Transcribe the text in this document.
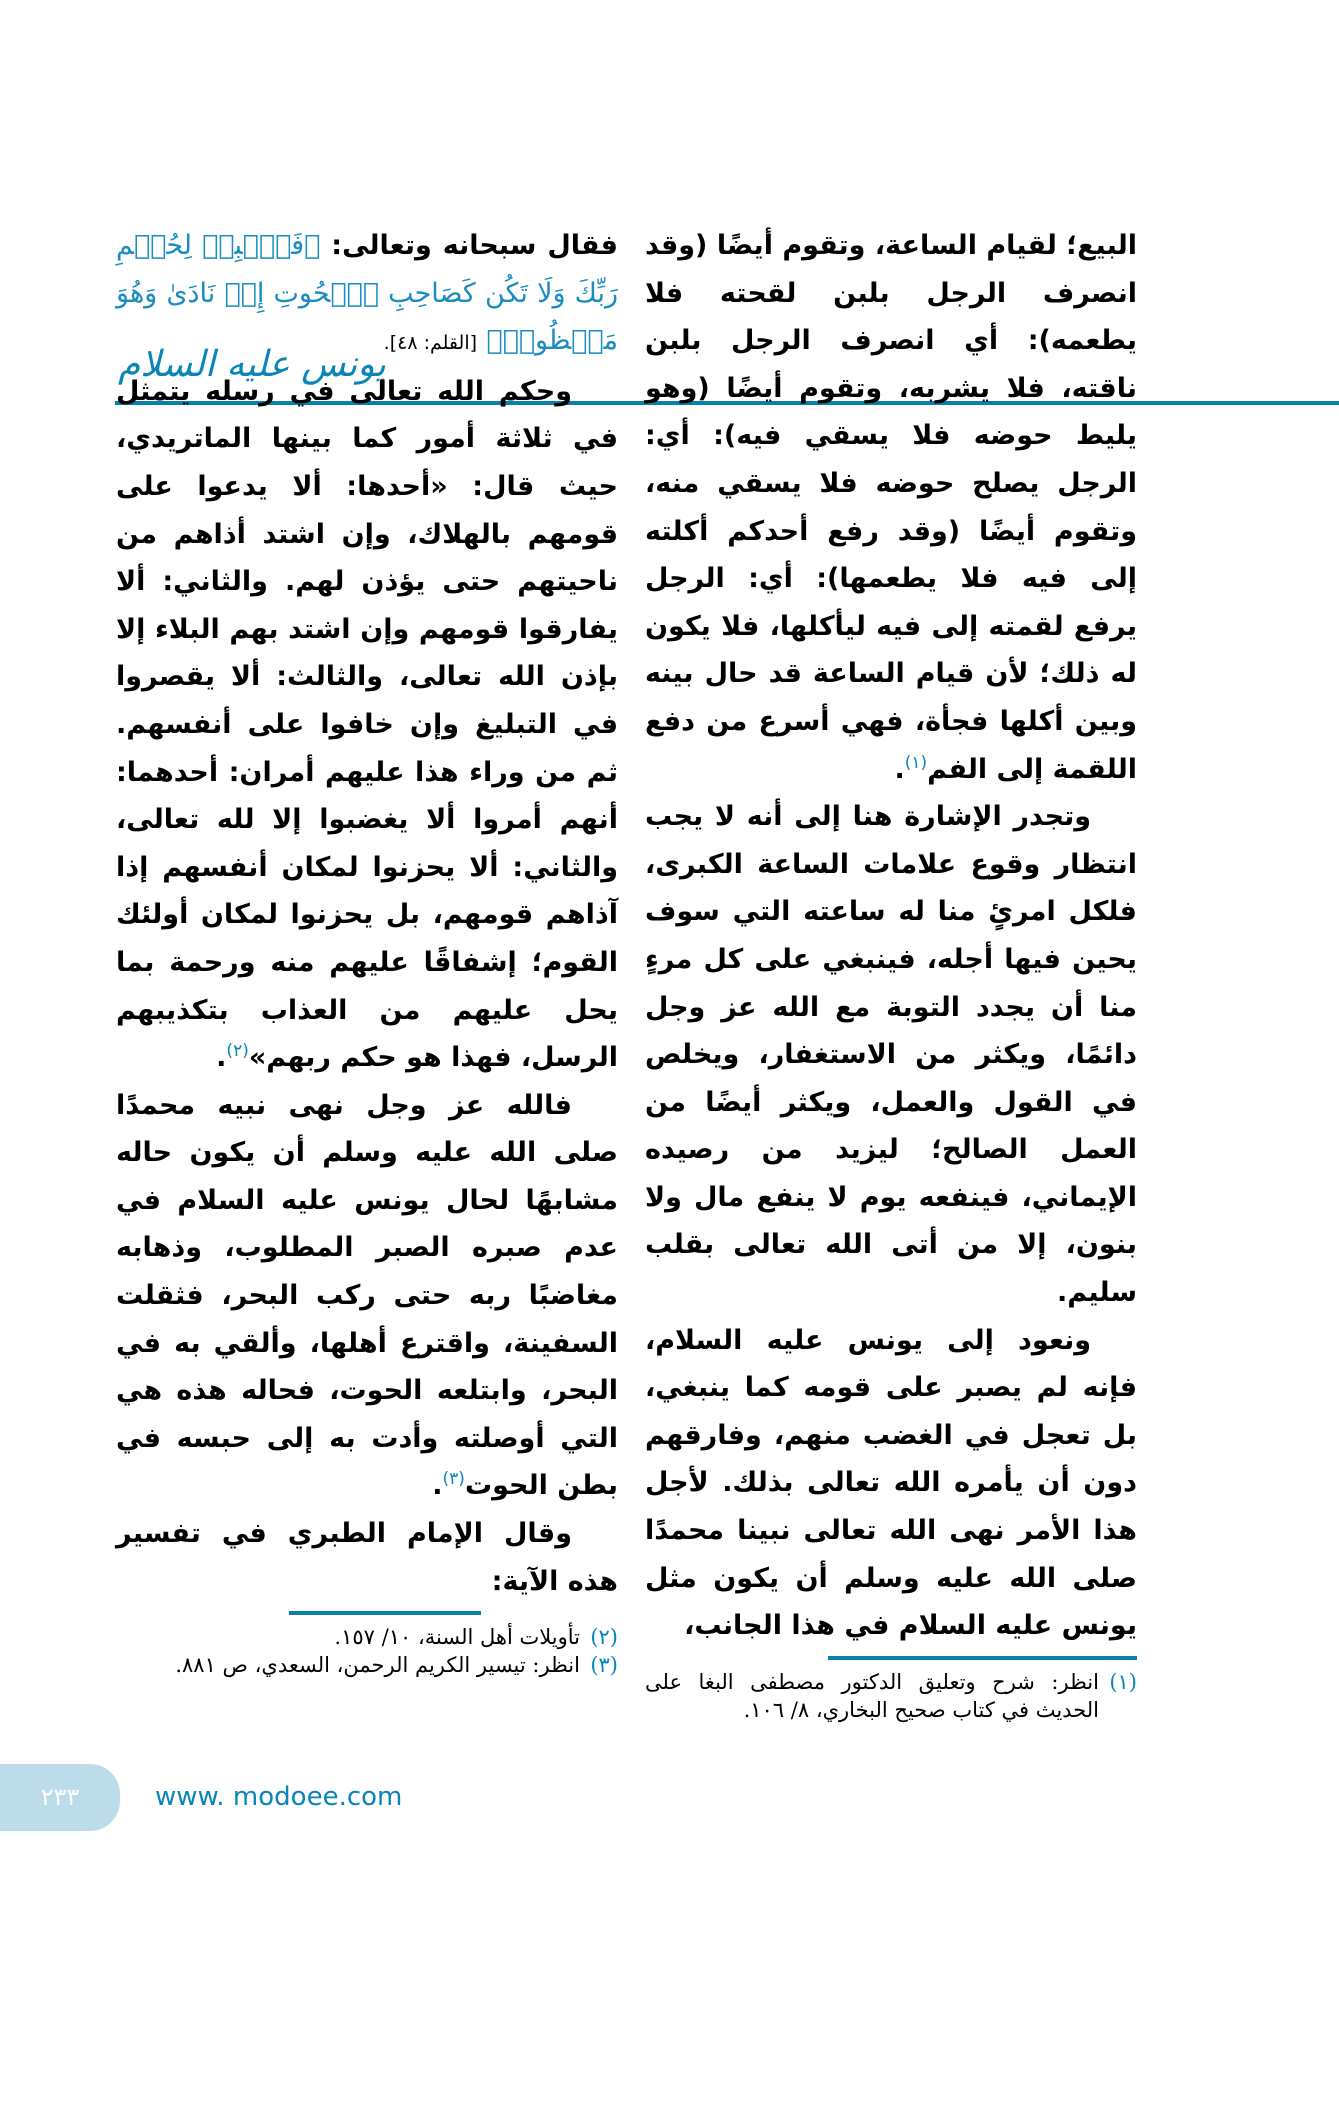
يونس عليه السلام

البيع؛ لقيام الساعة، وتقوم أيضًا (وقد انصرف الرجل بلبن لقحته فلا يطعمه): أي انصرف الرجل بلبن ناقته، فلا يشربه، وتقوم أيضًا (وهو يليط حوضه فلا يسقي فيه): أي: الرجل يصلح حوضه فلا يسقي منه، وتقوم أيضًا (وقد رفع أحدكم أكلته إلى فيه فلا يطعمها): أي: الرجل يرفع لقمته إلى فيه ليأكلها، فلا يكون له ذلك؛ لأن قيام الساعة قد حال بينه وبين أكلها فجأة، فهي أسرع من دفع اللقمة إلى الفم$^{(١)}$.

وتجدر الإشارة هنا إلى أنه لا يجب انتظار وقوع علامات الساعة الكبرى، فلكل امرئٍ منا له ساعته التي سوف يحين فيها أجله، فينبغي على كل مرءٍ منا أن يجدد التوبة مع الله عز وجل دائمًا، ويكثر من الاستغفار، ويخلص في القول والعمل، ويكثر أيضًا من العمل الصالح؛ ليزيد من رصيده الإيماني، فينفعه يوم لا ينفع مال ولا بنون، إلا من أتى الله تعالى بقلب سليم.

ونعود إلى يونس عليه السلام، فإنه لم يصبر على قومه كما ينبغي، بل تعجل في الغضب منهم، وفارقهم دون أن يأمره الله تعالى بذلك. لأجل هذا الأمر نهى الله تعالى نبينا محمدًا صلى الله عليه وسلم أن يكون مثل يونس عليه السلام في هذا الجانب،

(١)
انظر: شرح وتعليق الدكتور مصطفى البغا على الحديث في كتاب صحيح البخاري، ٨/ ١٠٦.

فقال سبحانه وتعالى: ﴿فَٱصۡبِرۡ لِحُكۡمِ رَبِّكَ وَلَا تَكُن كَصَاحِبِ ٱلۡحُوتِ إِذۡ نَادَىٰ وَهُوَ مَكۡظُومٞ﴾ [القلم: ٤٨].

وحكم الله تعالى في رسله يتمثل في ثلاثة أمور كما بينها الماتريدي، حيث قال: «أحدها: ألا يدعوا على قومهم بالهلاك، وإن اشتد أذاهم من ناحيتهم حتى يؤذن لهم. والثاني: ألا يفارقوا قومهم وإن اشتد بهم البلاء إلا بإذن الله تعالى، والثالث: ألا يقصروا في التبليغ وإن خافوا على أنفسهم. ثم من وراء هذا عليهم أمران: أحدهما: أنهم أمروا ألا يغضبوا إلا لله تعالى، والثاني: ألا يحزنوا لمكان أنفسهم إذا آذاهم قومهم، بل يحزنوا لمكان أولئك القوم؛ إشفاقًا عليهم منه ورحمة بما يحل عليهم من العذاب بتكذيبهم الرسل، فهذا هو حكم ربهم»$^{(٢)}$.

فالله عز وجل نهى نبيه محمدًا صلى الله عليه وسلم أن يكون حاله مشابهًا لحال يونس عليه السلام في عدم صبره الصبر المطلوب، وذهابه مغاضبًا ربه حتى ركب البحر، فثقلت السفينة، واقترع أهلها، وألقي به في البحر، وابتلعه الحوت، فحاله هذه هي التي أوصلته وأدت به إلى حبسه في بطن الحوت$^{(٣)}$.

وقال الإمام الطبري في تفسير هذه الآية:

(٢)
تأويلات أهل السنة، ١٠/ ١٥٧.
(٣)
انظر: تيسير الكريم الرحمن، السعدي، ص ٨٨١.
٢٣٣	www. modoee.com
